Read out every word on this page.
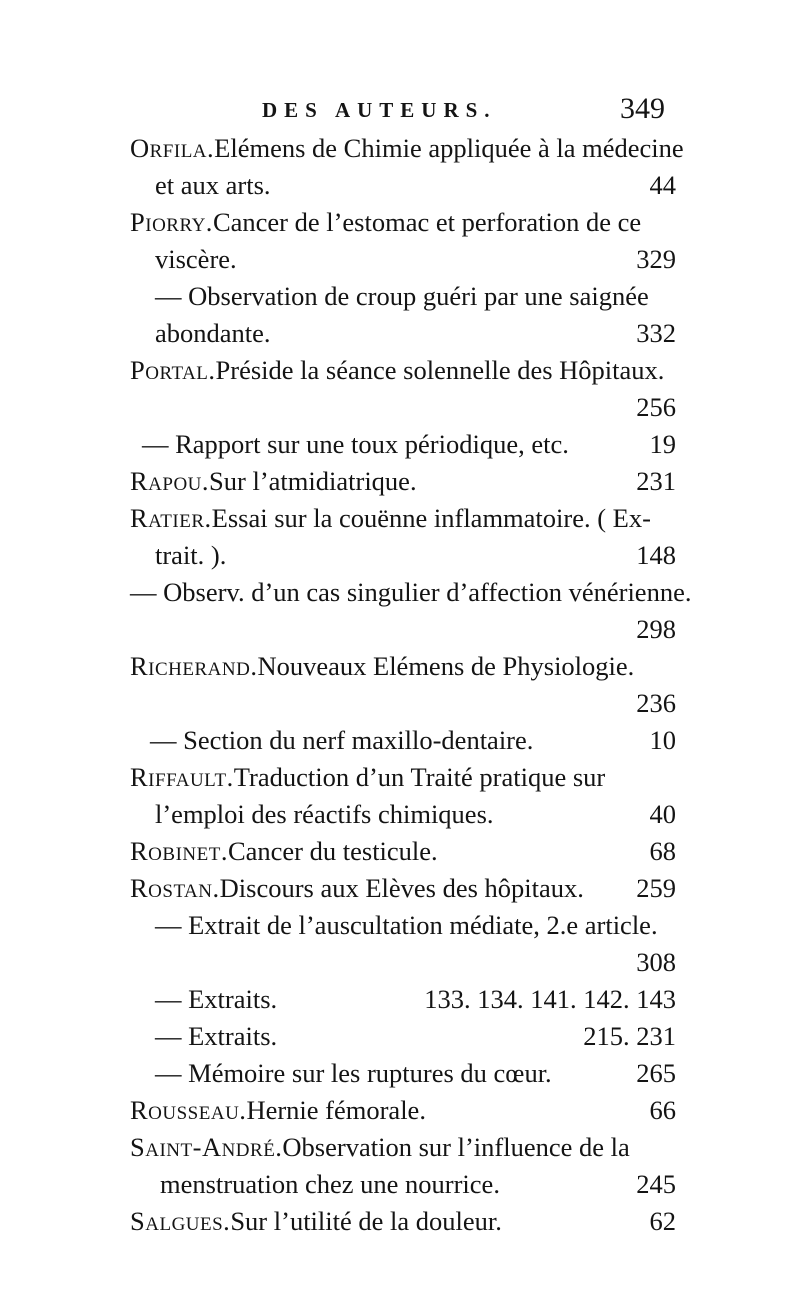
DES AUTEURS.	349
Orfila.Elémens de Chimie appliquée à la médecine
et aux arts.	44
Piorry.Cancer de l’estomac et perforation de ce
viscère.	329
— Observation de croup guéri par une saignée
abondante.	332
Portal.Préside la séance solennelle des Hôpitaux.
256
— Rapport sur une toux périodique, etc.	19
Rapou.Sur l’atmidiatrique.	231
Ratier.Essai sur la couënne inflammatoire. ( Ex-
trait. ).	148
— Observ. d’un cas singulier d’affection vénérienne.
298
Richerand.Nouveaux Elémens de Physiologie.
236
— Section du nerf maxillo-dentaire.	10
Riffault.Traduction d’un Traité pratique sur
l’emploi des réactifs chimiques.	40
Robinet.Cancer du testicule.	68
Rostan.Discours aux Elèves des hôpitaux. 259
— Extrait de l’auscultation médiate, 2.e article.
308
— Extraits.	133. 134. 141. 142. 143
— Extraits.	215. 231
— Mémoire sur les ruptures du cœur.	265
Rousseau.Hernie fémorale.	66
Saint-André.Observation sur l’influence de la
menstruation chez une nourrice.	245
Salgues.Sur l’utilité de la douleur.	62
